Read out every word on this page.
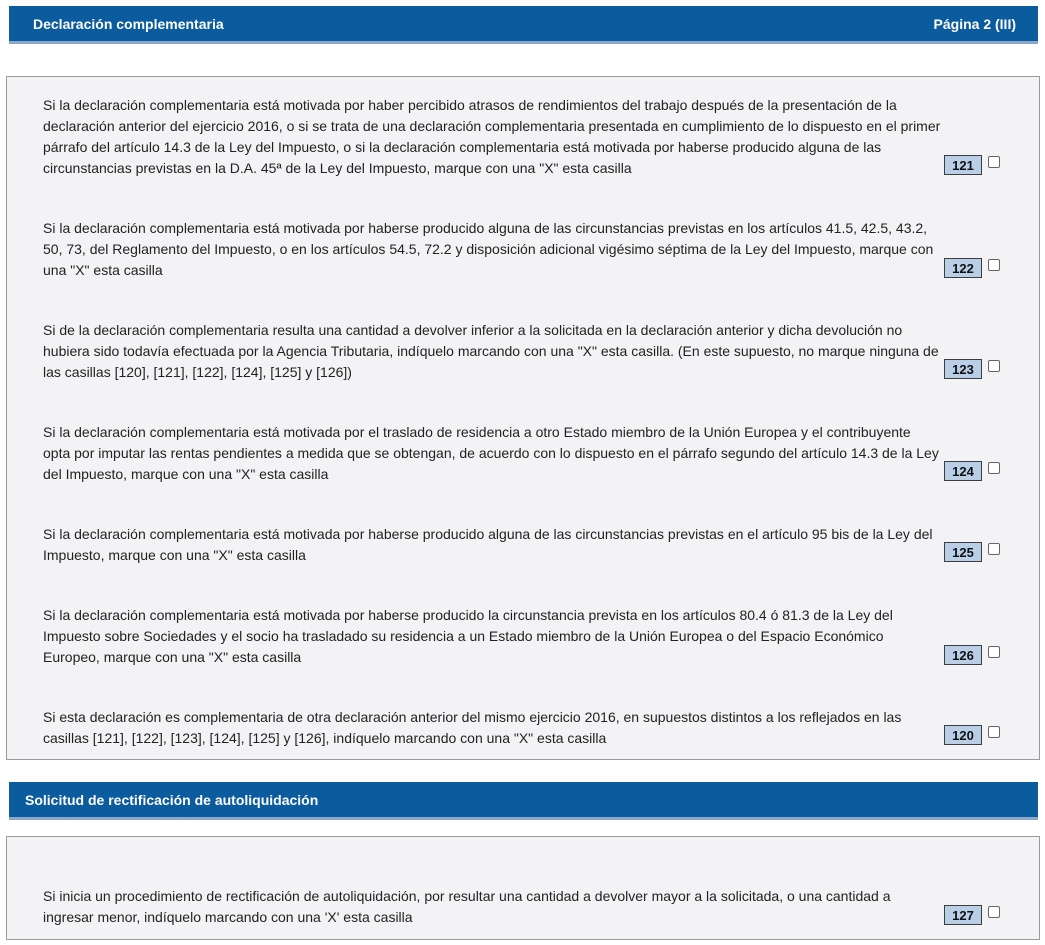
Declaración complementaria	Página 2 (III)
Si la declaración complementaria está motivada por haber percibido atrasos de rendimientos del trabajo después de la presentación de la declaración anterior del ejercicio 2016, o si se trata de una declaración complementaria presentada en cumplimiento de lo dispuesto en el primer párrafo del artículo 14.3 de la Ley del Impuesto, o si la declaración complementaria está motivada por haberse producido alguna de las circunstancias previstas en la D.A. 45ª de la Ley del Impuesto, marque con una "X" esta casilla	121
Si la declaración complementaria está motivada por haberse producido alguna de las circunstancias previstas en los artículos 41.5, 42.5, 43.2, 50, 73, del Reglamento del Impuesto, o en los artículos 54.5, 72.2 y disposición adicional vigésimo séptima de la Ley del Impuesto, marque con una "X" esta casilla	122
Si de la declaración complementaria resulta una cantidad a devolver inferior a la solicitada en la declaración anterior y dicha devolución no hubiera sido todavía efectuada por la Agencia Tributaria, indíquelo marcando con una "X" esta casilla. (En este supuesto, no marque ninguna de las casillas [120], [121], [122], [124], [125] y [126])	123
Si la declaración complementaria está motivada por el traslado de residencia a otro Estado miembro de la Unión Europea y el contribuyente opta por imputar las rentas pendientes a medida que se obtengan, de acuerdo con lo dispuesto en el párrafo segundo del artículo 14.3 de la Ley del Impuesto, marque con una "X" esta casilla	124
Si la declaración complementaria está motivada por haberse producido alguna de las circunstancias previstas en el artículo 95 bis de la Ley del Impuesto, marque con una "X" esta casilla	125
Si la declaración complementaria está motivada por haberse producido la circunstancia prevista en los artículos 80.4 ó 81.3 de la Ley del Impuesto sobre Sociedades y el socio ha trasladado su residencia a un Estado miembro de la Unión Europea o del Espacio Económico Europeo, marque con una "X" esta casilla	126
Si esta declaración es complementaria de otra declaración anterior del mismo ejercicio 2016, en supuestos distintos a los reflejados en las casillas [121], [122], [123], [124], [125] y [126], indíquelo marcando con una "X" esta casilla	120
Solicitud de rectificación de autoliquidación
Si inicia un procedimiento de rectificación de autoliquidación, por resultar una cantidad a devolver mayor a la solicitada, o una cantidad a ingresar menor, indíquelo marcando con una 'X' esta casilla	127
